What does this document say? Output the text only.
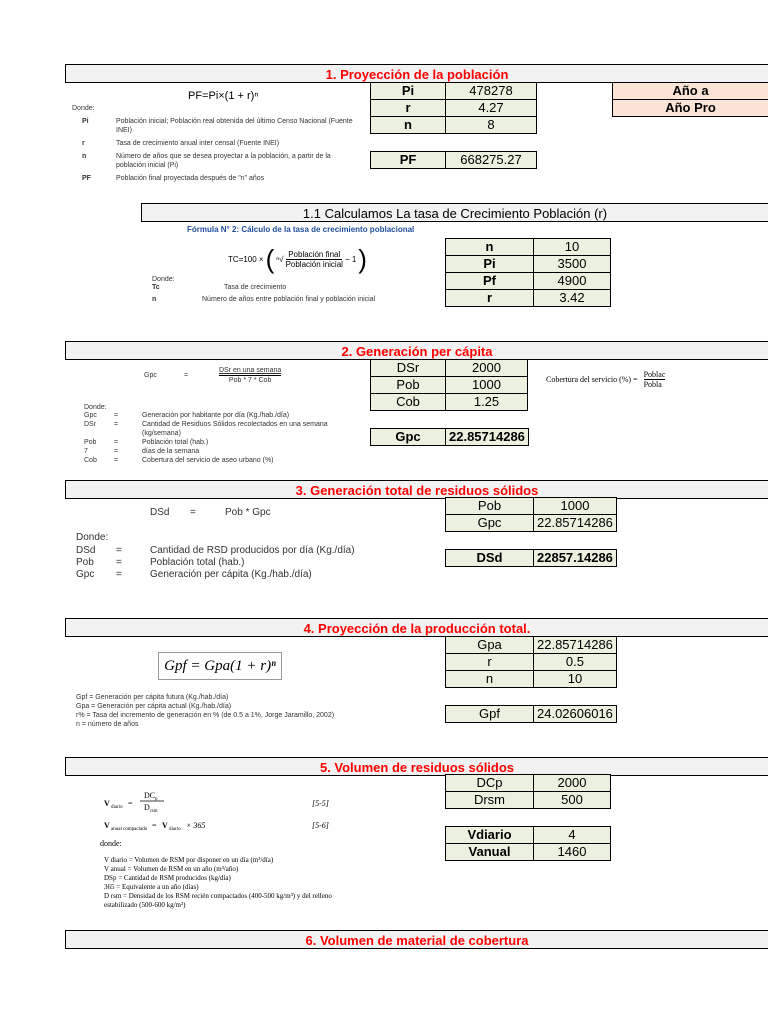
1. Proyección de la población
PF=Pi×(1 + r)ⁿ
Donde:
Pi	Población inicial; Población real obtenida del último Censo Nacional (Fuente INEI)
r	Tasa de crecimiento anual inter censal (Fuente INEI)
n	Número de años que se desea proyectar a la población, a partir de la población inicial (Pi)
PF	Población final proyectada después de "n" años
Pi	478278
r	4.27
n	8
PF	668275.27
Año a
Año Pro
1.1 Calculamos La tasa de Crecimiento Población (r)
Fórmula N° 2: Cálculo de la tasa de crecimiento poblacional
TC=100 × ( ⁿ√
Población final
Población inicial
− 1 )
Donde:
Tc	Tasa de crecimiento
n	Número de años entre población final y población inicial
n	10
Pi	3500
Pf	4900
r	3.42
2. Generación per cápita
Gpc	=
DSr en una semana
Pob * 7 * Cob
Donde:
Gpc	=	Generación por habitante por día (Kg./hab./día)
DSr	=	Cantidad de Residuos Sólidos recolectados en una semana (kg/semana)
Pob	=	Población total (hab.)
7	=	días de la semana
Cob	=	Cobertura del servicio de aseo urbano (%)
DSr	2000
Pob	1000
Cob	1.25
Gpc	22.85714286
Cobertura del servicio (%) =
Poblac
Pobla
3. Generación total de residuos sólidos
DSd	=	Pob * Gpc
Donde:
DSd	=	Cantidad de RSD producidos por día (Kg./día)
Pob	=	Población total (hab.)
Gpc	=	Generación per cápita (Kg./hab./día)
Pob	1000
Gpc	22.85714286
DSd	22857.14286
4. Proyección de la producción total.
Gpf = Gpa(1 + r)ⁿ
Gpf = Generación per cápita futura (Kg./hab./día)
Gpa = Generación per cápita actual (Kg./hab./día)
r% = Tasa del incremento de generación en % (de 0.5 a 1%, Jorge Jaramillo, 2002)
n = número de años
Gpa	22.85714286
r	0.5
n	10
Gpf	24.02606016
5. Volumen de residuos sólidos
V diario =
DC p
D rsm
[5-5]
V anual compactado = V diario × 365	[5-6]
donde:
V diario = Volumen de RSM por disponer en un día (m³/día)
V anual = Volumen de RSM en un año (m³/año)
DSp = Cantidad de RSM producidos (kg/día)
365 = Equivalente a un año (días)
D rsm = Densidad de los RSM recién compactados (400-500 kg/m³) y del relleno estabilizado (500-600 kg/m³)
DCp	2000
Drsm	500
Vdiario	4
Vanual	1460
6. Volumen de material de cobertura
